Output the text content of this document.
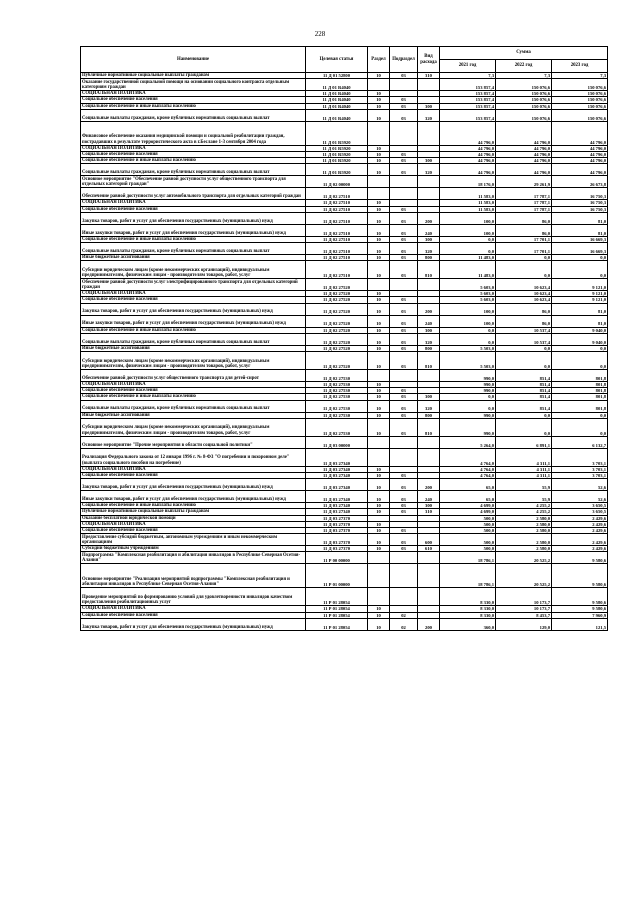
228
Наименование	Целевая статья	Раздел	Подраздел	Вид расхода	Сумма		
					2021 год	2022 год	2023 год
Публичные нормативные социальные выплаты гражданам	11 Д 01 52800	10	03	310	7,3	7,3	7,3
Оказание государственной социальной помощи на основании социального контракта отдельным категориям граждан	11 Д 01 R4040				153 857,4	150 076,6	150 076,6
СОЦИАЛЬНАЯ ПОЛИТИКА	11 Д 01 R4040	10			153 857,4	150 076,6	150 076,6
Социальное обеспечение населения	11 Д 01 R4040	10	03		153 857,4	150 076,6	150 076,6
Социальное обеспечение и иные выплаты населению	11 Д 01 R4040	10	03	300	153 857,4	150 076,6	150 076,6
Социальные выплаты гражданам, кроме публичных нормативных социальных выплат	11 Д 01 R4040	10	03	320	153 857,4	150 076,6	150 076,6
Финансовое обеспечение оказания медицинской помощи и социальной реабилитации граждан, пострадавших в результате террористического акта в г.Беслане 1-3 сентября 2004 года	11 Д 01 R5920				44 796,0	44 796,0	44 796,0
СОЦИАЛЬНАЯ ПОЛИТИКА	11 Д 01 R5920	10			44 796,0	44 796,0	44 796,0
Социальное обеспечение населения	11 Д 01 R5920	10	03		44 796,0	44 796,0	44 796,0
Социальное обеспечение и иные выплаты населению	11 Д 01 R5920	10	03	300	44 796,0	44 796,0	44 796,0
Социальные выплаты гражданам, кроме публичных нормативных социальных выплат	11 Д 01 R5920	10	03	320	44 796,0	44 796,0	44 796,0
Основное мероприятие "Обеспечение равной доступности услуг общественного транспорта для отдельных категорий граждан"	11 Д 02 00000				18 176,0	29 261,9	26 673,8
Обеспечение равной доступности услуг автомобильного транспорта для отдельных категорий граждан	11 Д 02 27510				11 583,0	17 787,1	16 750,3
СОЦИАЛЬНАЯ ПОЛИТИКА	11 Д 02 27510	10			11 583,0	17 787,1	16 750,3
Социальное обеспечение населения	11 Д 02 27510	10	03		11 583,0	17 787,1	16 750,3
Закупка товаров, работ и услуг для обеспечения государственных (муниципальных) нужд	11 Д 02 27510	10	03	200	100,0	86,0	81,0
Иные закупки товаров, работ и услуг для обеспечения государственных (муниципальных) нужд	11 Д 02 27510	10	03	240	100,0	86,0	81,0
Социальное обеспечение и иные выплаты населению	11 Д 02 27510	10	03	300	0,0	17 701,1	16 669,3
Социальные выплаты гражданам, кроме публичных нормативных социальных выплат	11 Д 02 27510	10	03	320	0,0	17 701,1	16 669,3
Иные бюджетные ассигнования	11 Д 02 27510	10	03	800	11 483,0	0,0	0,0
Субсидии юридическим лицам (кроме некоммерческих организаций), индивидуальным предпринимателям, физическим лицам - производителям товаров, работ, услуг	11 Д 02 27510	10	03	810	11 483,0	0,0	0,0
Обеспечение равной доступности услуг электрифицированного транспорта для отдельных категорий граждан	11 Д 02 27520				5 603,0	10 623,4	9 121,0
СОЦИАЛЬНАЯ ПОЛИТИКА	11 Д 02 27520	10			5 603,0	10 623,4	9 121,0
Социальное обеспечение населения	11 Д 02 27520	10	03		5 603,0	10 623,4	9 121,0
Закупка товаров, работ и услуг для обеспечения государственных (муниципальных) нужд	11 Д 02 27520	10	03	200	100,0	86,0	81,0
Иные закупки товаров, работ и услуг для обеспечения государственных (муниципальных) нужд	11 Д 02 27520	10	03	240	100,0	86,0	81,0
Социальное обеспечение и иные выплаты населению	11 Д 02 27520	10	03	300	0,0	10 537,4	9 040,0
Социальные выплаты гражданам, кроме публичных нормативных социальных выплат	11 Д 02 27520	10	03	320	0,0	10 537,4	9 040,0
Иные бюджетные ассигнования	11 Д 02 27520	10	03	800	5 503,0	0,0	0,0
Субсидии юридическим лицам (кроме некоммерческих организаций), индивидуальным предпринимателям, физическим лицам - производителям товаров, работ, услуг	11 Д 02 27520	10	03	810	5 503,0	0,0	0,0
Обеспечение равной доступности услуг общественного транспорта для детей-сирот	11 Д 02 27530				990,0	851,4	801,8
СОЦИАЛЬНАЯ ПОЛИТИКА	11 Д 02 27530	10			990,0	851,4	801,8
Социальное обеспечение населения	11 Д 02 27530	10	03		990,0	851,4	801,8
Социальное обеспечение и иные выплаты населению	11 Д 02 27530	10	03	300	0,0	851,4	801,8
Социальные выплаты гражданам, кроме публичных нормативных социальных выплат	11 Д 02 27530	10	03	320	0,0	851,4	801,8
Иные бюджетные ассигнования	11 Д 02 27530	10	03	800	990,0	0,0	0,0
Субсидии юридическим лицам (кроме некоммерческих организаций), индивидуальным предпринимателям, физическим лицам - производителям товаров, работ, услуг	11 Д 02 27530	10	03	810	990,0	0,0	0,0
Основное мероприятие "Прочие мероприятия в области социальной политики"	11 Д 03 00000				5 264,0	6 891,1	6 132,7
Реализация Федерального закона от 12 января 1996 г. № 8-ФЗ "О погребении и похоронном деле" (выплата социального пособия на погребение)	11 Д 03 27340				4 764,0	4 311,1	3 703,1
СОЦИАЛЬНАЯ ПОЛИТИКА	11 Д 03 27340	10			4 764,0	4 311,1	3 703,1
Социальное обеспечение населения	11 Д 03 27340	10	03		4 764,0	4 311,1	3 703,1
Закупка товаров, работ и услуг для обеспечения государственных (муниципальных) нужд	11 Д 03 27340	10	03	200	65,0	55,9	52,6
Иные закупки товаров, работ и услуг для обеспечения государственных (муниципальных) нужд	11 Д 03 27340	10	03	240	65,0	55,9	52,6
Социальное обеспечение и иные выплаты населению	11 Д 03 27340	10	03	300	4 699,0	4 255,2	3 650,5
Публичные нормативные социальные выплаты гражданам	11 Д 03 27340	10	03	310	4 699,0	4 255,2	3 650,5
Оказание бесплатной юридической помощи	11 Д 03 27370				500,0	2 580,0	2 429,6
СОЦИАЛЬНАЯ ПОЛИТИКА	11 Д 03 27370	10			500,0	2 580,0	2 429,6
Социальное обеспечение населения	11 Д 03 27370	10	03		500,0	2 580,0	2 429,6
Предоставление субсидий бюджетным, автономным учреждениям и иным некоммерческим организациям	11 Д 03 27370	10	03	600	500,0	2 580,0	2 429,6
Субсидии бюджетным учреждениям	11 Д 03 27370	10	03	610	500,0	2 580,0	2 429,6
Подпрограмма "Комплексная реабилитация и абилитация инвалидов в Республике Северная Осетия-Алания"	11 Р 00 00000				18 786,1	20 525,2	9 580,6
Основное мероприятие "Реализация мероприятий подпрограммы "Комплексная реабилитация и абилитация инвалидов в Республике Северная Осетия-Алания"	11 Р 01 00000				18 786,1	20 525,2	9 580,6
Проведение мероприятий по формированию условий для удовлетворенности инвалидов качеством предоставления реабилитационных услуг	11 Р 01 28054				8 330,0	10 173,7	9 580,6
СОЦИАЛЬНАЯ ПОЛИТИКА	11 Р 01 28054	10			8 330,0	10 173,7	9 580,6
Социальное обеспечение населения	11 Р 01 28054	10	02		8 330,0	8 453,7	7 960,9
Закупка товаров, работ и услуг для обеспечения государственных (муниципальных) нужд	11 Р 01 28054	10	02	200	360,0	129,0	121,5
